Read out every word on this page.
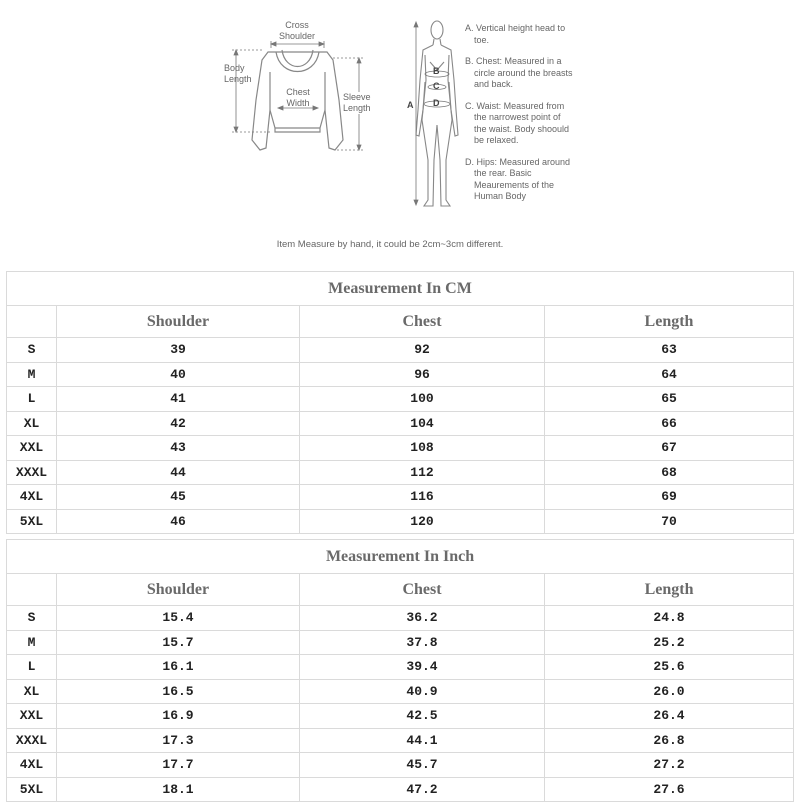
Cross
Shoulder
Body
Length
Chest
Width
Sleeve
Length	A
B
C
D
A. Vertical height head to toe.
B. Chest: Measured in a circle around the breasts and back.
C. Waist: Measured from the narrowest point of the waist. Body shoould be relaxed.
D. Hips: Measured around the rear. Basic Meaurements of the Human Body
Item Measure by hand, it could be 2cm~3cm different.
Measurement In CM			
	Shoulder	Chest	Length
S	39	92	63
M	40	96	64
L	41	100	65
XL	42	104	66
XXL	43	108	67
XXXL	44	112	68
4XL	45	116	69
5XL	46	120	70
Measurement In Inch			
	Shoulder	Chest	Length
S	15.4	36.2	24.8
M	15.7	37.8	25.2
L	16.1	39.4	25.6
XL	16.5	40.9	26.0
XXL	16.9	42.5	26.4
XXXL	17.3	44.1	26.8
4XL	17.7	45.7	27.2
5XL	18.1	47.2	27.6
